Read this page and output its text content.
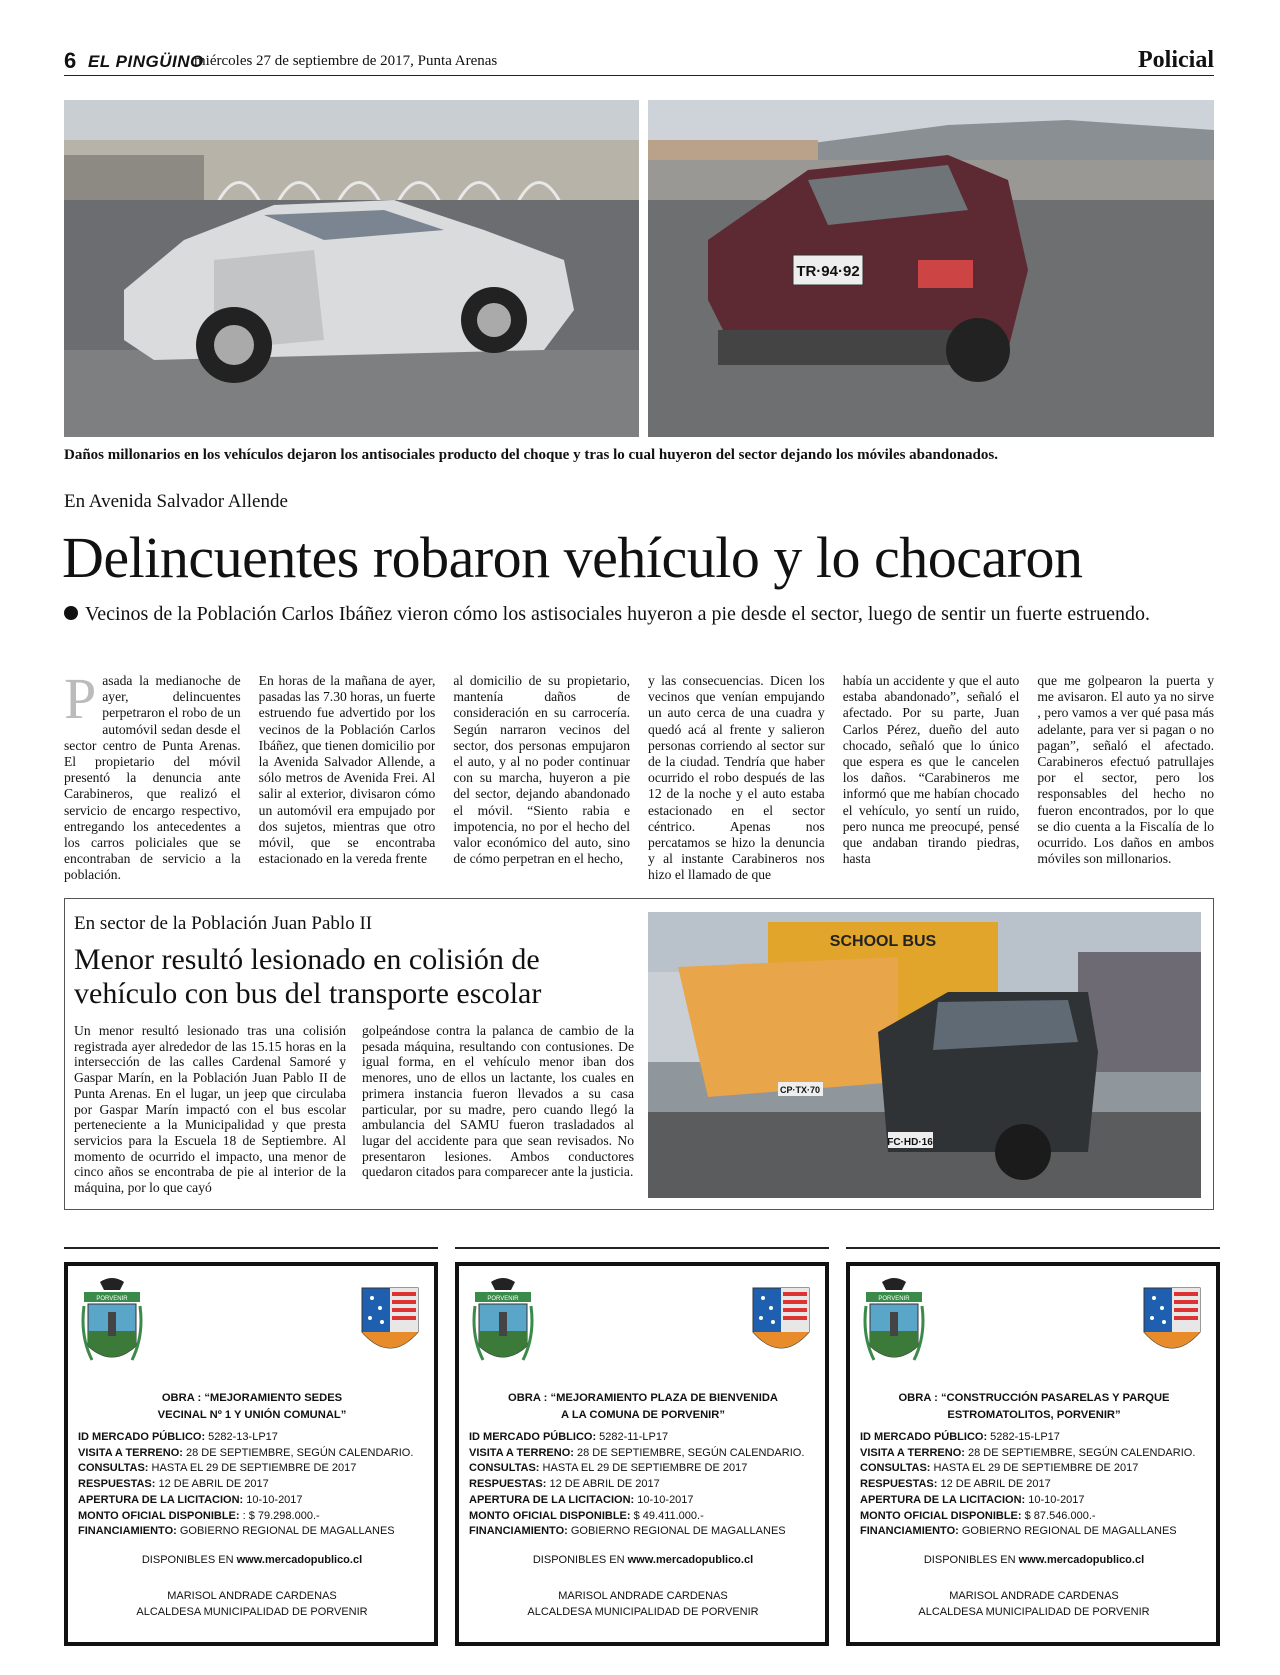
6 EL PINGÜINO
miércoles 27 de septiembre de 2017, Punta Arenas	Policial
TR·94·92
Daños millonarios en los vehículos dejaron los antisociales producto del choque y tras lo cual huyeron del sector dejando los móviles abandonados.
En Avenida Salvador Allende
Delincuentes robaron vehículo y lo chocaron
Vecinos de la Población Carlos Ibáñez vieron cómo los astisociales huyeron a pie desde el sector, luego de sentir un fuerte estruendo.
Pasada la medianoche de ayer, delincuentes perpetraron el robo de un automóvil sedan desde el sector centro de Punta Arenas. El propietario del móvil presentó la denuncia ante Carabineros, que realizó el servicio de encargo respectivo, entregando los antecedentes a los carros policiales que se encontraban de servicio a la población.
En horas de la mañana de ayer, pasadas las 7.30 horas, un fuerte estruendo fue advertido por los vecinos de la Población Carlos Ibáñez, que tienen domicilio por la Avenida Salvador Allende, a sólo metros de Avenida Frei. Al salir al exterior, divisaron cómo un automóvil era empujado por dos sujetos, mientras que otro móvil, que se encontraba estacionado en la vereda frente
al domicilio de su propietario, mantenía daños de consideración en su carrocería. Según narraron vecinos del sector, dos personas empujaron el auto, y al no poder continuar con su marcha, huyeron a pie del sector, dejando abandonado el móvil. “Siento rabia e impotencia, no por el hecho del valor económico del auto, sino de cómo perpetran en el hecho,
y las consecuencias. Dicen los vecinos que venían empujando un auto cerca de una cuadra y quedó acá al frente y salieron personas corriendo al sector sur de la ciudad. Tendría que haber ocurrido el robo después de las 12 de la noche y el auto estaba estacionado en el sector céntrico. Apenas nos percatamos se hizo la denuncia y al instante Carabineros nos hizo el llamado de que
había un accidente y que el auto estaba abandonado”, señaló el afectado. Por su parte, Juan Carlos Pérez, dueño del auto chocado, señaló que lo único que espera es que le cancelen los daños. “Carabineros me informó que me habían chocado el vehículo, yo sentí un ruido, pero nunca me preocupé, pensé que andaban tirando piedras, hasta
que me golpearon la puerta y me avisaron. El auto ya no sirve , pero vamos a ver qué pasa más adelante, para ver si pagan o no pagan”, señaló el afectado. Carabineros efectuó patrullajes por el sector, pero los responsables del hecho no fueron encontrados, por lo que se dio cuenta a la Fiscalía de lo ocurrido. Los daños en ambos móviles son millonarios.
En sector de la Población Juan Pablo II
Menor resultó lesionado en colisión de vehículo con bus del transporte escolar
Un menor resultó lesionado tras una colisión registrada ayer alrededor de las 15.15 horas en la intersección de las calles Cardenal Samoré y Gaspar Marín, en la Población Juan Pablo II de Punta Arenas. En el lugar, un jeep que circulaba por Gaspar Marín impactó con el bus escolar perteneciente a la Municipalidad y que presta servicios para la Escuela 18 de Septiembre. Al momento de ocurrido el impacto, una menor de cinco años se encontraba de pie al interior de la máquina, por lo que cayó
golpeándose contra la palanca de cambio de la pesada máquina, resultando con contusiones. De igual forma, en el vehículo menor iban dos menores, uno de ellos un lactante, los cuales en primera instancia fueron llevados a su casa particular, por su madre, pero cuando llegó la ambulancia del SAMU fueron trasladados al lugar del accidente para que sean revisados. No presentaron lesiones. Ambos conductores quedaron citados para comparecer ante la justicia.
SCHOOL BUS
CP·TX·70
FC·HD·16
PORVENIR
OBRA : “MEJORAMIENTO SEDES
VECINAL Nº 1 Y UNIÓN COMUNAL”
ID MERCADO PÚBLICO: 5282-13-LP17
VISITA A TERRENO: 28 DE SEPTIEMBRE, SEGÚN CALENDARIO.
CONSULTAS: HASTA EL 29 DE SEPTIEMBRE DE 2017
RESPUESTAS: 12 DE ABRIL DE 2017
APERTURA DE LA LICITACION: 10-10-2017
MONTO OFICIAL DISPONIBLE: : $ 79.298.000.-
FINANCIAMIENTO: GOBIERNO REGIONAL DE MAGALLANES
DISPONIBLES EN www.mercadopublico.cl
MARISOL ANDRADE CARDENAS
ALCALDESA MUNICIPALIDAD DE PORVENIR
PORVENIR
OBRA : “MEJORAMIENTO PLAZA DE BIENVENIDA
A LA COMUNA DE PORVENIR”
ID MERCADO PÚBLICO: 5282-11-LP17
VISITA A TERRENO: 28 DE SEPTIEMBRE, SEGÚN CALENDARIO.
CONSULTAS: HASTA EL 29 DE SEPTIEMBRE DE 2017
RESPUESTAS: 12 DE ABRIL DE 2017
APERTURA DE LA LICITACION: 10-10-2017
MONTO OFICIAL DISPONIBLE: $ 49.411.000.-
FINANCIAMIENTO: GOBIERNO REGIONAL DE MAGALLANES
DISPONIBLES EN www.mercadopublico.cl
MARISOL ANDRADE CARDENAS
ALCALDESA MUNICIPALIDAD DE PORVENIR
PORVENIR
OBRA : “CONSTRUCCIÓN PASARELAS Y PARQUE
ESTROMATOLITOS, PORVENIR”
ID MERCADO PÚBLICO: 5282-15-LP17
VISITA A TERRENO: 28 DE SEPTIEMBRE, SEGÚN CALENDARIO.
CONSULTAS: HASTA EL 29 DE SEPTIEMBRE DE 2017
RESPUESTAS: 12 DE ABRIL DE 2017
APERTURA DE LA LICITACION: 10-10-2017
MONTO OFICIAL DISPONIBLE: $ 87.546.000.-
FINANCIAMIENTO: GOBIERNO REGIONAL DE MAGALLANES
DISPONIBLES EN www.mercadopublico.cl
MARISOL ANDRADE CARDENAS
ALCALDESA MUNICIPALIDAD DE PORVENIR
